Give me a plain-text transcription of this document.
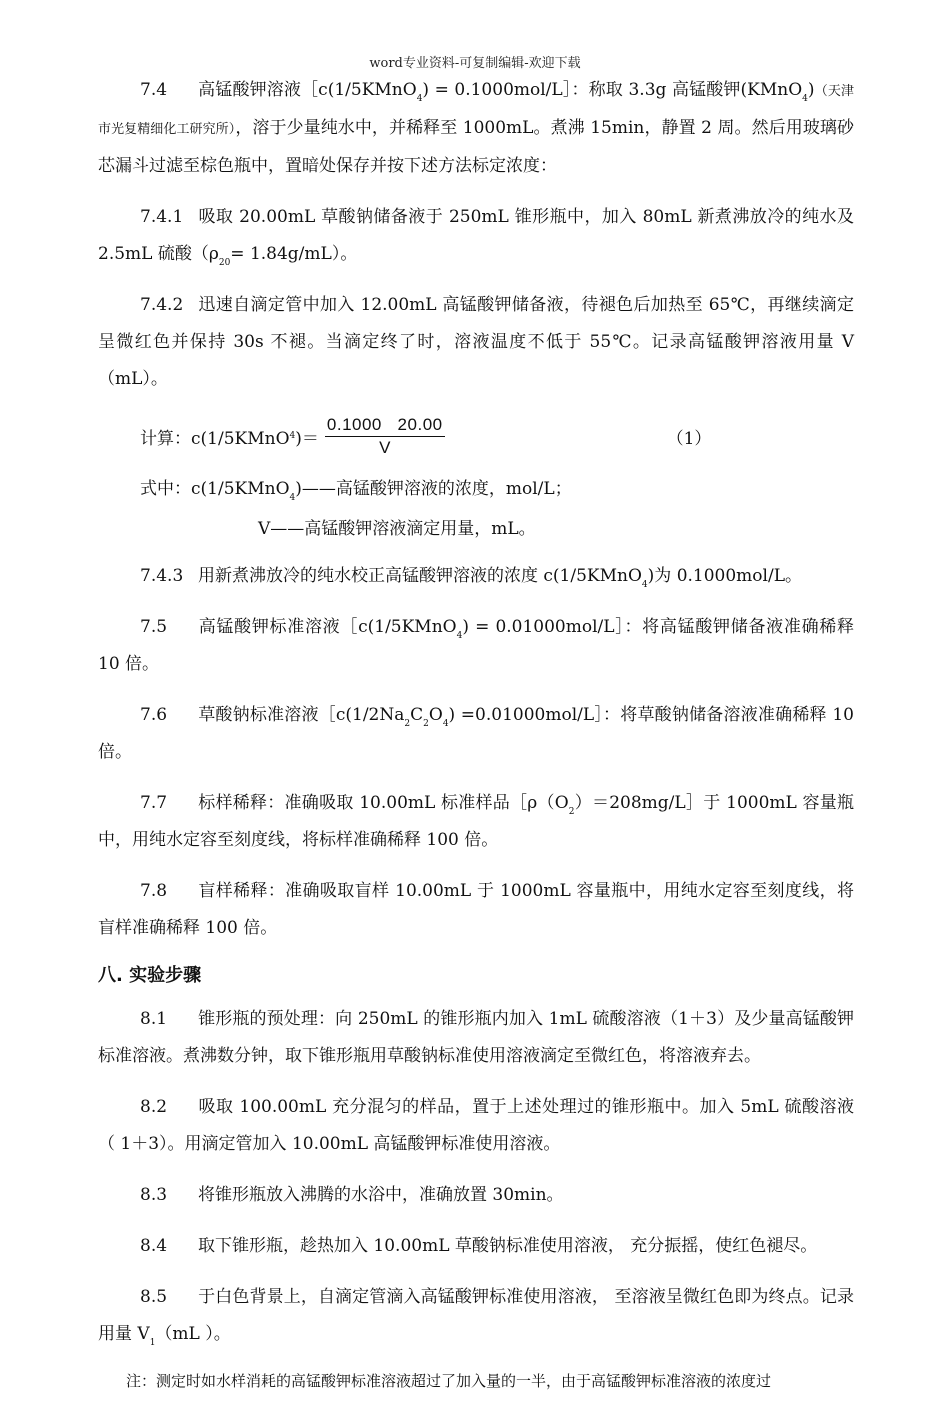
word专业资料-可复制编辑-欢迎下载

7.4 高锰酸钾溶液［c(1/5KMnO$_4$) = 0.1000mol/L］：称取 3.3g 高锰酸钾(KMnO$_4$)（天津市光复精细化工研究所），溶于少量纯水中，并稀释至 1000mL。煮沸 15min，静置 2 周。然后用玻璃砂芯漏斗过滤至棕色瓶中，置暗处保存并按下述方法标定浓度：

7.4.1 吸取 20.00mL 草酸钠储备液于 250mL 锥形瓶中，加入 80mL 新煮沸放冷的纯水及 2.5mL 硫酸$(\rho_{20}= 1.84g/mL)$。

7.4.2 迅速自滴定管中加入 12.00mL 高锰酸钾储备液，待褪色后加热至 65℃，再继续滴定呈微红色并保持 30s 不褪。当滴定终了时，溶液温度不低于 55℃。记录高锰酸钾溶液用量 V（mL）。

计算：c(1/5KMnO 4 )＝ $\frac{0.1000 20.00}{V}$	（1）
式中：c(1/5KMnO$_4$)——高锰酸钾溶液的浓度，mol/L；
V——高锰酸钾溶液滴定用量，mL。

7.4.3 用新煮沸放冷的纯水校正高锰酸钾溶液的浓度 c(1/5KMnO$_4$)为 0.1000mol/L。

7.5 高锰酸钾标准溶液［c(1/5KMnO$_4$) = 0.01000mol/L］：将高锰酸钾储备液准确稀释 10 倍。

7.6 草酸钠标准溶液$[c(1/2Na_2C_2O_4)$ =0.01000mol/L］：将草酸钠储备溶液准确稀释 10 倍。

7.7 标样稀释：准确吸取 10.00mL 标准样品$[\rho(O_2)=208mg/L]$于 1000mL 容量瓶中，用纯水定容至刻度线，将标样准确稀释 100 倍。

7.8 盲样稀释：准确吸取盲样 10.00mL 于 1000mL 容量瓶中，用纯水定容至刻度线，将盲样准确稀释 100 倍。

八. 实验步骤

8.1 锥形瓶的预处理：向 250mL 的锥形瓶内加入 1mL 硫酸溶液（1＋3）及少量高锰酸钾标准溶液。煮沸数分钟，取下锥形瓶用草酸钠标准使用溶液滴定至微红色，将溶液弃去。

8.2 吸取 100.00mL 充分混匀的样品，置于上述处理过的锥形瓶中。加入 5mL 硫酸溶液（ 1＋3）。用滴定管加入 10.00mL 高锰酸钾标准使用溶液。

8.3 将锥形瓶放入沸腾的水浴中，准确放置 30min。

8.4 取下锥形瓶，趁热加入 10.00mL 草酸钠标准使用溶液， 充分振摇，使红色褪尽。

8.5 于白色背景上，自滴定管滴入高锰酸钾标准使用溶液， 至溶液呈微红色即为终点。记录用量 $V_1(mL$ ）。

注：测定时如水样消耗的高锰酸钾标准溶液超过了加入量的一半，由于高锰酸钾标准溶液的浓度过
